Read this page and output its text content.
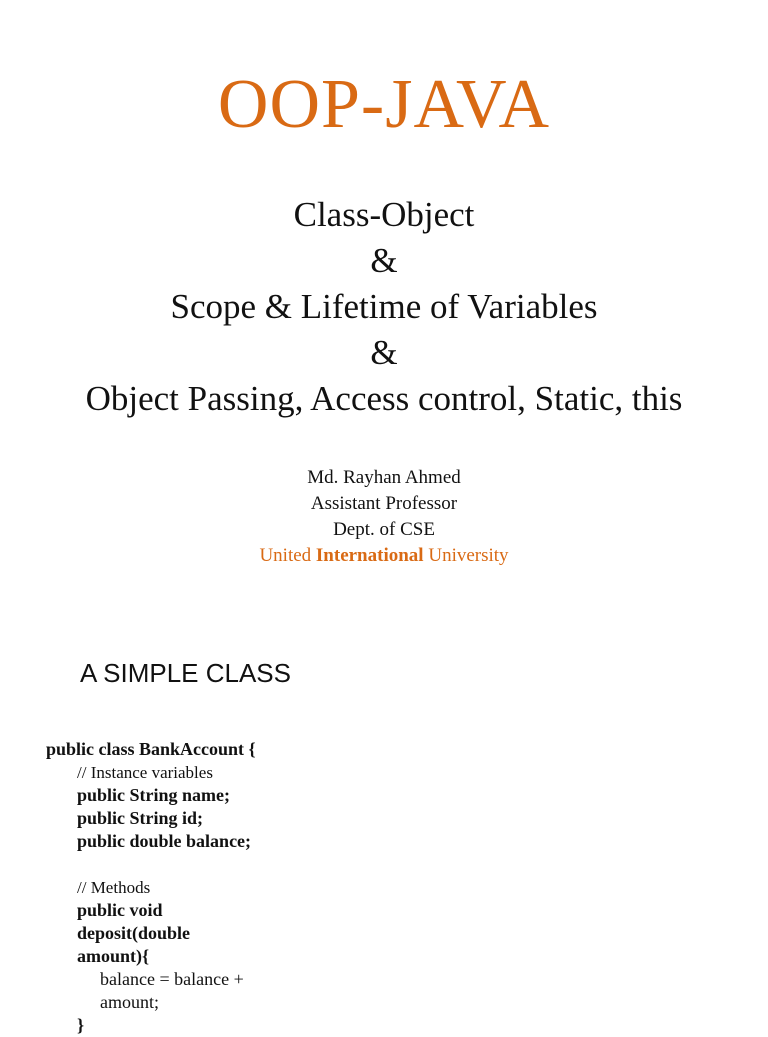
OOP-JAVA
Class-Object
&
Scope & Lifetime of Variables
&
Object Passing, Access control, Static, this
Md. Rayhan Ahmed
Assistant Professor
Dept. of CSE
United International University
A SIMPLE CLASS
public class BankAccount {
// Instance variables
public String name;
public String id;
public double balance;
// Methods
public void
deposit(double
amount){
balance = balance +
amount;
}
